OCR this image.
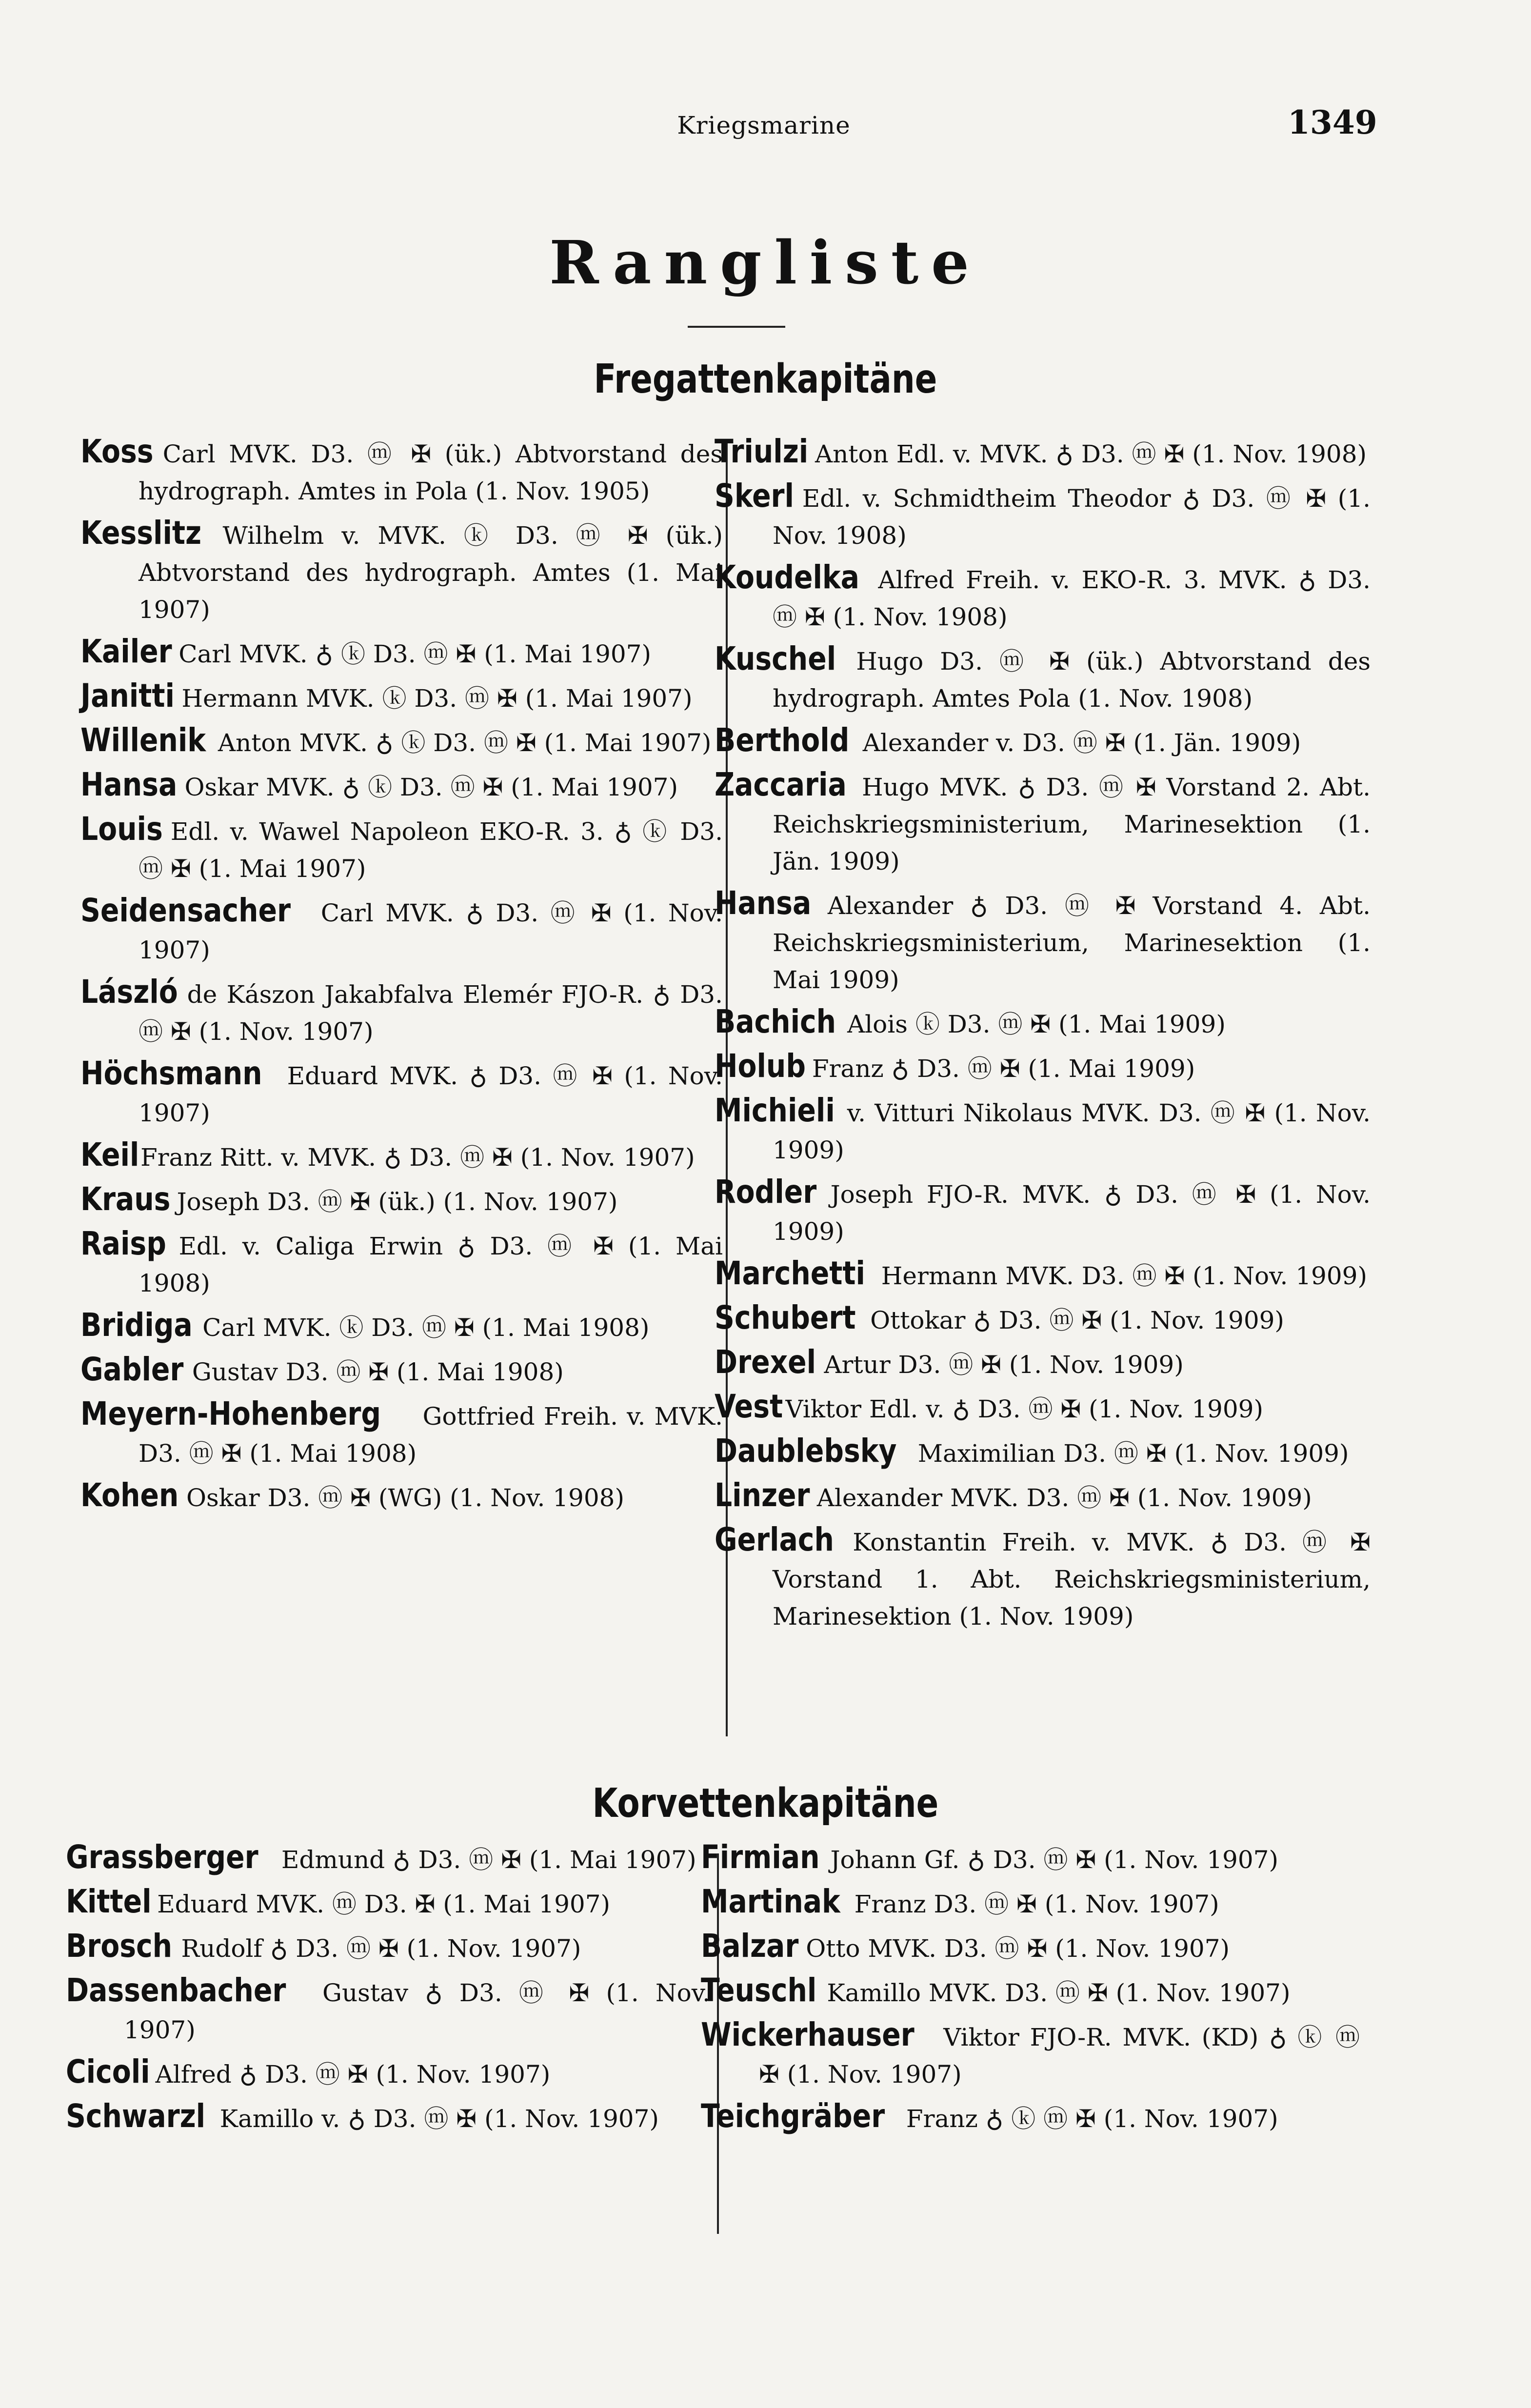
Kriegsmarine	1349
Rangliste
Fregattenkapitäne
Koss Carl MVK. D3. ⓜ ✠ (ük.) Abtvorstand des hydrograph. Amtes in Pola (1. Nov. 1905)
Kesslitz Wilhelm v. MVK. ⓚ D3. ⓜ ✠ (ük.) Abtvorstand des hydrograph. Amtes (1. Mai 1907)
Kailer Carl MVK. ♁ ⓚ D3. ⓜ ✠ (1. Mai 1907)
Janitti Hermann MVK. ⓚ D3. ⓜ ✠ (1. Mai 1907)
Willenik Anton MVK. ♁ ⓚ D3. ⓜ ✠ (1. Mai 1907)
Hansa Oskar MVK. ♁ ⓚ D3. ⓜ ✠ (1. Mai 1907)
Louis Edl. v. Wawel Napoleon EKO-R. 3. ♁ ⓚ D3. ⓜ ✠ (1. Mai 1907)
Seidensacher Carl MVK. ♁ D3. ⓜ ✠ (1. Nov. 1907)
László de Kászon Jakabfalva Elemér FJO-R. ♁ D3. ⓜ ✠ (1. Nov. 1907)
Höchsmann Eduard MVK. ♁ D3. ⓜ ✠ (1. Nov. 1907)
Keil Franz Ritt. v. MVK. ♁ D3. ⓜ ✠ (1. Nov. 1907)
Kraus Joseph D3. ⓜ ✠ (ük.) (1. Nov. 1907)
Raisp Edl. v. Caliga Erwin ♁ D3. ⓜ ✠ (1. Mai 1908)
Bridiga Carl MVK. ⓚ D3. ⓜ ✠ (1. Mai 1908)
Gabler Gustav D3. ⓜ ✠ (1. Mai 1908)
Meyern-Hohenberg Gottfried Freih. v. MVK. D3. ⓜ ✠ (1. Mai 1908)
Kohen Oskar D3. ⓜ ✠ (WG) (1. Nov. 1908)
Triulzi Anton Edl. v. MVK. ♁ D3. ⓜ ✠ (1. Nov. 1908)
Skerl Edl. v. Schmidtheim Theodor ♁ D3. ⓜ ✠ (1. Nov. 1908)
Koudelka Alfred Freih. v. EKO-R. 3. MVK. ♁ D3. ⓜ ✠ (1. Nov. 1908)
Kuschel Hugo D3. ⓜ ✠ (ük.) Abtvorstand des hydrograph. Amtes Pola (1. Nov. 1908)
Berthold Alexander v. D3. ⓜ ✠ (1. Jän. 1909)
Zaccaria Hugo MVK. ♁ D3. ⓜ ✠ Vorstand 2. Abt. Reichskriegsministerium, Marinesektion (1. Jän. 1909)
Hansa Alexander ♁ D3. ⓜ ✠ Vorstand 4. Abt. Reichskriegsministerium, Marinesektion (1. Mai 1909)
Bachich Alois ⓚ D3. ⓜ ✠ (1. Mai 1909)
Holub Franz ♁ D3. ⓜ ✠ (1. Mai 1909)
Michieli v. Vitturi Nikolaus MVK. D3. ⓜ ✠ (1. Nov. 1909)
Rodler Joseph FJO-R. MVK. ♁ D3. ⓜ ✠ (1. Nov. 1909)
Marchetti Hermann MVK. D3. ⓜ ✠ (1. Nov. 1909)
Schubert Ottokar ♁ D3. ⓜ ✠ (1. Nov. 1909)
Drexel Artur D3. ⓜ ✠ (1. Nov. 1909)
Vest Viktor Edl. v. ♁ D3. ⓜ ✠ (1. Nov. 1909)
Daublebsky Maximilian D3. ⓜ ✠ (1. Nov. 1909)
Linzer Alexander MVK. D3. ⓜ ✠ (1. Nov. 1909)
Gerlach Konstantin Freih. v. MVK. ♁ D3. ⓜ ✠ Vorstand 1. Abt. Reichskriegsministerium, Marinesektion (1. Nov. 1909)
Korvettenkapitäne
Grassberger Edmund ♁ D3. ⓜ ✠ (1. Mai 1907)
Kittel Eduard MVK. ⓜ D3. ✠ (1. Mai 1907)
Brosch Rudolf ♁ D3. ⓜ ✠ (1. Nov. 1907)
Dassenbacher Gustav ♁ D3. ⓜ ✠ (1. Nov. 1907)
Cicoli Alfred ♁ D3. ⓜ ✠ (1. Nov. 1907)
Schwarzl Kamillo v. ♁ D3. ⓜ ✠ (1. Nov. 1907)
Firmian Johann Gf. ♁ D3. ⓜ ✠ (1. Nov. 1907)
Martinak Franz D3. ⓜ ✠ (1. Nov. 1907)
Balzar Otto MVK. D3. ⓜ ✠ (1. Nov. 1907)
Teuschl Kamillo MVK. D3. ⓜ ✠ (1. Nov. 1907)
Wickerhauser Viktor FJO-R. MVK. (KD) ♁ ⓚ ⓜ ✠ (1. Nov. 1907)
Teichgräber Franz ♁ ⓚ ⓜ ✠ (1. Nov. 1907)
